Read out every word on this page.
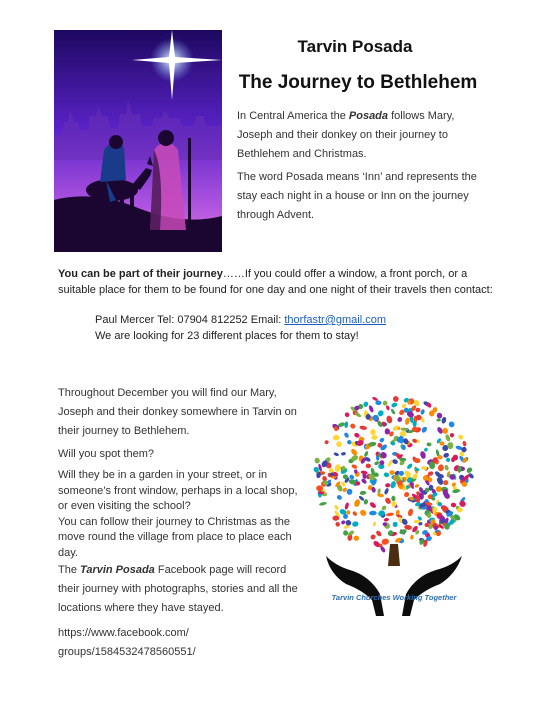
Tarvin Posada
The Journey to Bethlehem
In Central America the Posada follows Mary, Joseph and their donkey on their journey to Bethlehem and Christmas.
The word Posada means ‘Inn’ and represents the stay each night in a house or Inn on the journey through Advent.
You can be part of their journey……If you could offer a window, a front porch, or a suitable place for them to be found for one day and one night of their travels then contact:
Paul Mercer Tel: 07904 812252 Email: thorfastr@gmail.com
We are looking for 23 different places for them to stay!
Throughout December you will find our Mary, Joseph and their donkey somewhere in Tarvin on their journey to Bethlehem.
Will you spot them?
Will they be in a garden in your street, or in someone’s front window, perhaps in a local shop, or even visiting the school?
You can follow their journey to Christmas as the move round the village from place to place each day.
The Tarvin Posada Facebook page will record their journey with photographs, stories and all the locations where they have stayed.
https://www.facebook.com/
groups/1584532478560551/
Tarvin Churches Working Together
